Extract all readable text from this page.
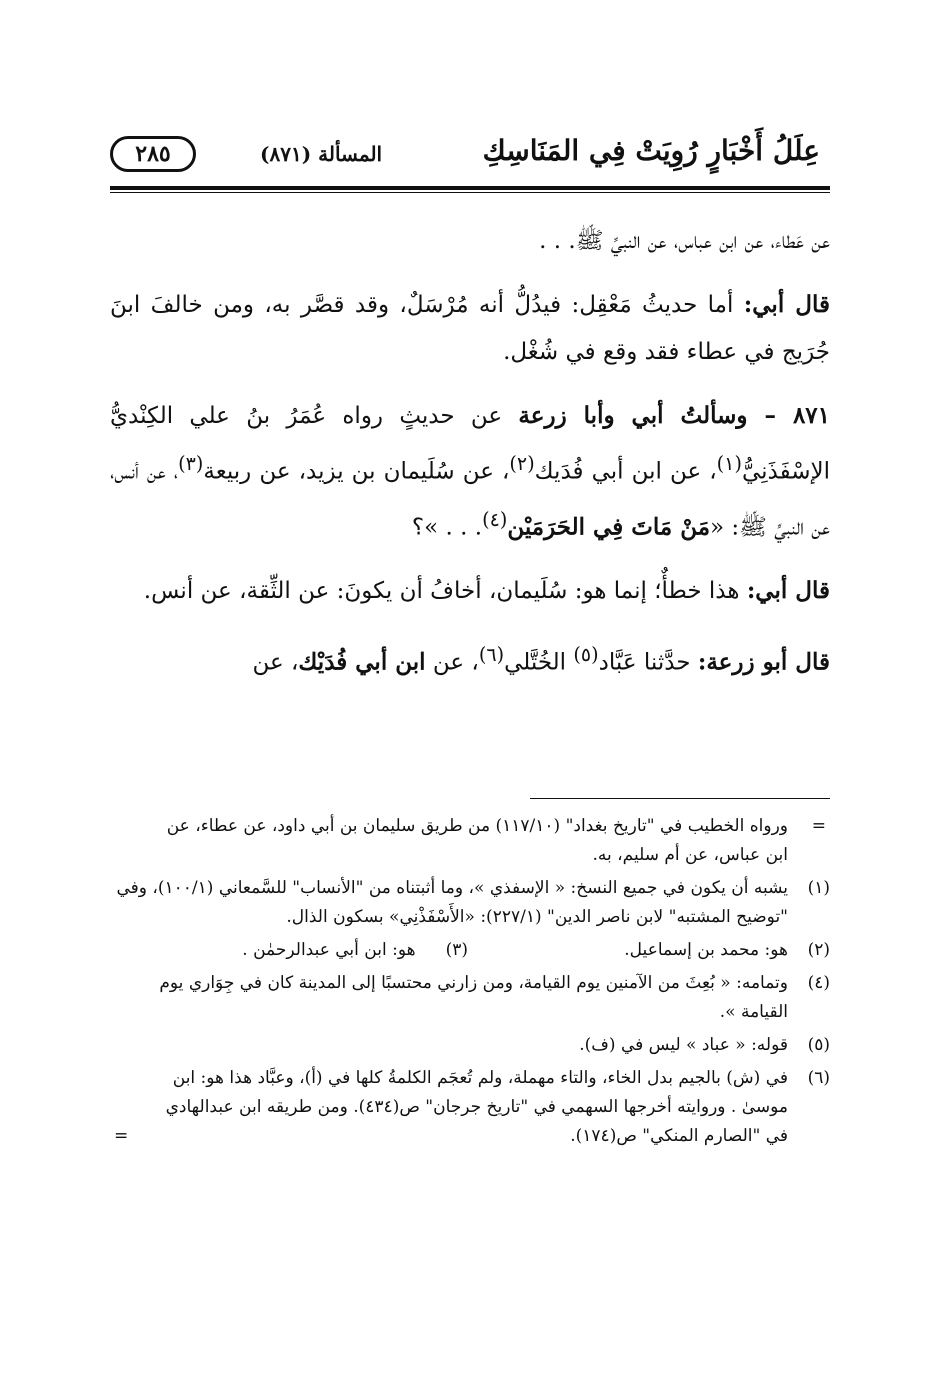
عِلَلُ أَخْبَارٍ رُوِيَتْ فِي المَنَاسِكِ
المسألة (٨٧١)
٢٨٥

عن عَطاء، عن ابن عباس، عن النبيِّ ﷺ. . .

قال أبي: أما حديثُ مَعْقِل: فيدُلُّ أنه مُرْسَلٌ، وقد قصَّر به، ومن خالفَ ابنَ جُرَيج في عطاء فقد وقع في شُغْل.

٨٧١ – وسألتُ أبي وأبا زرعة عن حديثٍ رواه عُمَرُ بنُ علي الكِنْديُّ الإسْفَذَنِيُّ$^{(١)}$، عن ابن أبي فُدَيك$^{(٢)}$، عن سُلَيمان بن يزيد، عن ربيعة$^{(٣)}$، عن أنس، عن النبيِّ ﷺ: «مَنْ مَاتَ فِي الحَرَمَيْن$^{(٤)}$. . . »؟

قال أبي: هذا خطأٌ؛ إنما هو: سُلَيمان، أخافُ أن يكونَ: عن الثِّقة، عن أنس.

قال أبو زرعة: حدَّثنا عَبَّاد$^{(٥)}$ الخُتَّلي$^{(٦)}$، عن ابن أبي فُدَيْك، عن

=
ورواه الخطيب في "تاريخ بغداد" (١١٧/١٠) من طريق سليمان بن أبي داود، عن عطاء، عن ابن عباس، عن أم سليم، به.
(١)
يشبه أن يكون في جميع النسخ: « الإسفذي »، وما أثبتناه من "الأنساب" للسَّمعاني (١٠٠/١)، وفي "توضيح المشتبه" لابن ناصر الدين" (٢٢٧/١): «الأَسْفَذْنِي» بسكون الذال.
(٢)
هو: محمد بن إسماعيل.
(٣)
هو: ابن أبي عبدالرحمٰن .
(٤)
وتمامه: « بُعِثَ من الآمنين يوم القيامة، ومن زارني محتسبًا إلى المدينة كان في جِوَاري يوم القيامة ».
(٥)
قوله: « عباد » ليس في (ف).
(٦)
في (ش) بالجيم بدل الخاء، والتاء مهملة، ولم تُعجَم الكلمةُ كلها في (أ)، وعبَّاد هذا هو: ابن موسىٰ . وروايته أخرجها السهمي في "تاريخ جرجان" ص(٤٣٤). ومن طريقه ابن عبدالهادي في "الصارم المنكي" ص(١٧٤).
=
